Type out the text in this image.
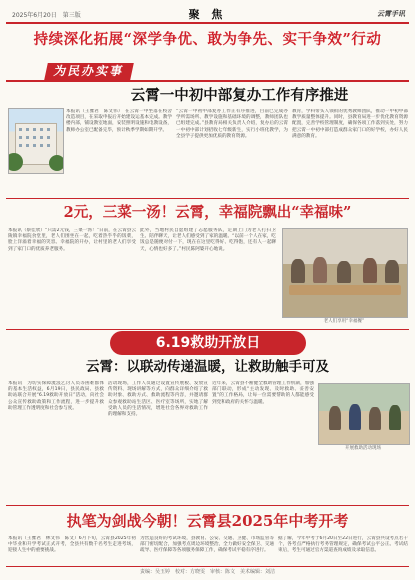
2025年6月20日　第三版	聚 焦	云霄手讯
持续深化拓展“深学争优、敢为争先、实干争效”行动
为民办实事
云霄一中初中部复办工作有序推进
本报讯（王雅君　陈文伟）　在云霄一中坐落在校舍改造项目，在采取申报后开始建设运基本完成。教学楼内部，铺设教室地面，安装照明设施和电教设备，教师办公室已配备完毕，预计秋季学期如期开学。
“云霄一中初中部复办工作正有序推进，目前已完成办学所需场所、教学设施和基础环境的调整，教师团队也已组建完成。”县教育局相关负责人介绍，复办后的云霄一中初中部计划招收七年级新生，实行小班化教学，为全县学子提供更加优质的教育资源。
教育，学科带头人领衔的优秀教师团队，推动一中初中部教学质量整体提升。同时，县教育局进一步优化教育资源配置，完善学校管理制度，确保各项工作落到实处，努力把云霄一中初中部打造成群众家门口的好学校，办好人民满意的教育。
2元，三菜一汤！云霄，幸福院飘出“幸福味”
本报讯（蔡佳欣）“只需2元钱，三菜一汤！”日前，在云霄县云陵镇幸福院食堂里，老人们围坐在一起，吃着热乎乎的饭菜，脸上洋溢着幸福的笑容。幸福院的开办，让村里的老人们享受到了家门口的优质养老服务。
此外，当地村民自愿组建了志愿服务队，定期上门为老人打扫卫生、陪伴聊天，让老人们感受到了家的温暖。“以前一个人在家，吃饭总是随便对付一下，现在在这里吃得好、吃得饱，还有人一起聊天，心情也好多了。”村民陈阿婆开心地说。
老人们享用“幸福餐”
6.19救助开放日
云霄：以联动传递温暖，让救助触手可及
本报讯　为切实保障流浪乞讨人员等困难群体的基本生活权益，6月19日，县民政局、县救助站联合开展“6.19救助开放日”活动，向社会公众宣传救助政策和工作流程，进一步提升救助管理工作透明度和社会参与度。
活动现场，工作人员通过设置宣传展板、发放宣传资料、现场讲解等方式，向群众详细介绍了救助对象、救助方式、救助流程等内容，并邀请群众参观救助站生活区、医疗室等场所，实地了解受助人员的生活情况，增进社会各界对救助工作的理解和支持。
近年来，云霄县不断健全救助管理工作机制，加强部门联动，形成“主动发现、及时救助、妥善安置”的工作格局，让每一位需要帮助的人都能感受到党和政府的关怀与温暖。
开展救助活动现场
执笔为剑战今朝！云霄县2025年中考开考
本报讯（王雅君　林文伟　陈文）6月下旬，云霄县2025年初中毕业和升学考试正式开考，全县共有数千名考生走进考场，迎接人生中的重要挑战。
为营造良好的考试环境，县教育、公安、交通、卫健、市场监管等部门密切配合，加强考点周边环境整治，全力做好安全保卫、交通疏导、医疗保障等各项服务保障工作，确保考试平稳有序进行。
据了解，今年中考于6月20日至22日进行，云霄县共设考点若干个，各考点严格执行考务管理规定，确保考试公平公正。考试结束后，考生可通过官方渠道查询成绩及录取信息。
责编：吴玉婷　校对：方晓雯　审核：陈文　美术编辑：刘洁
